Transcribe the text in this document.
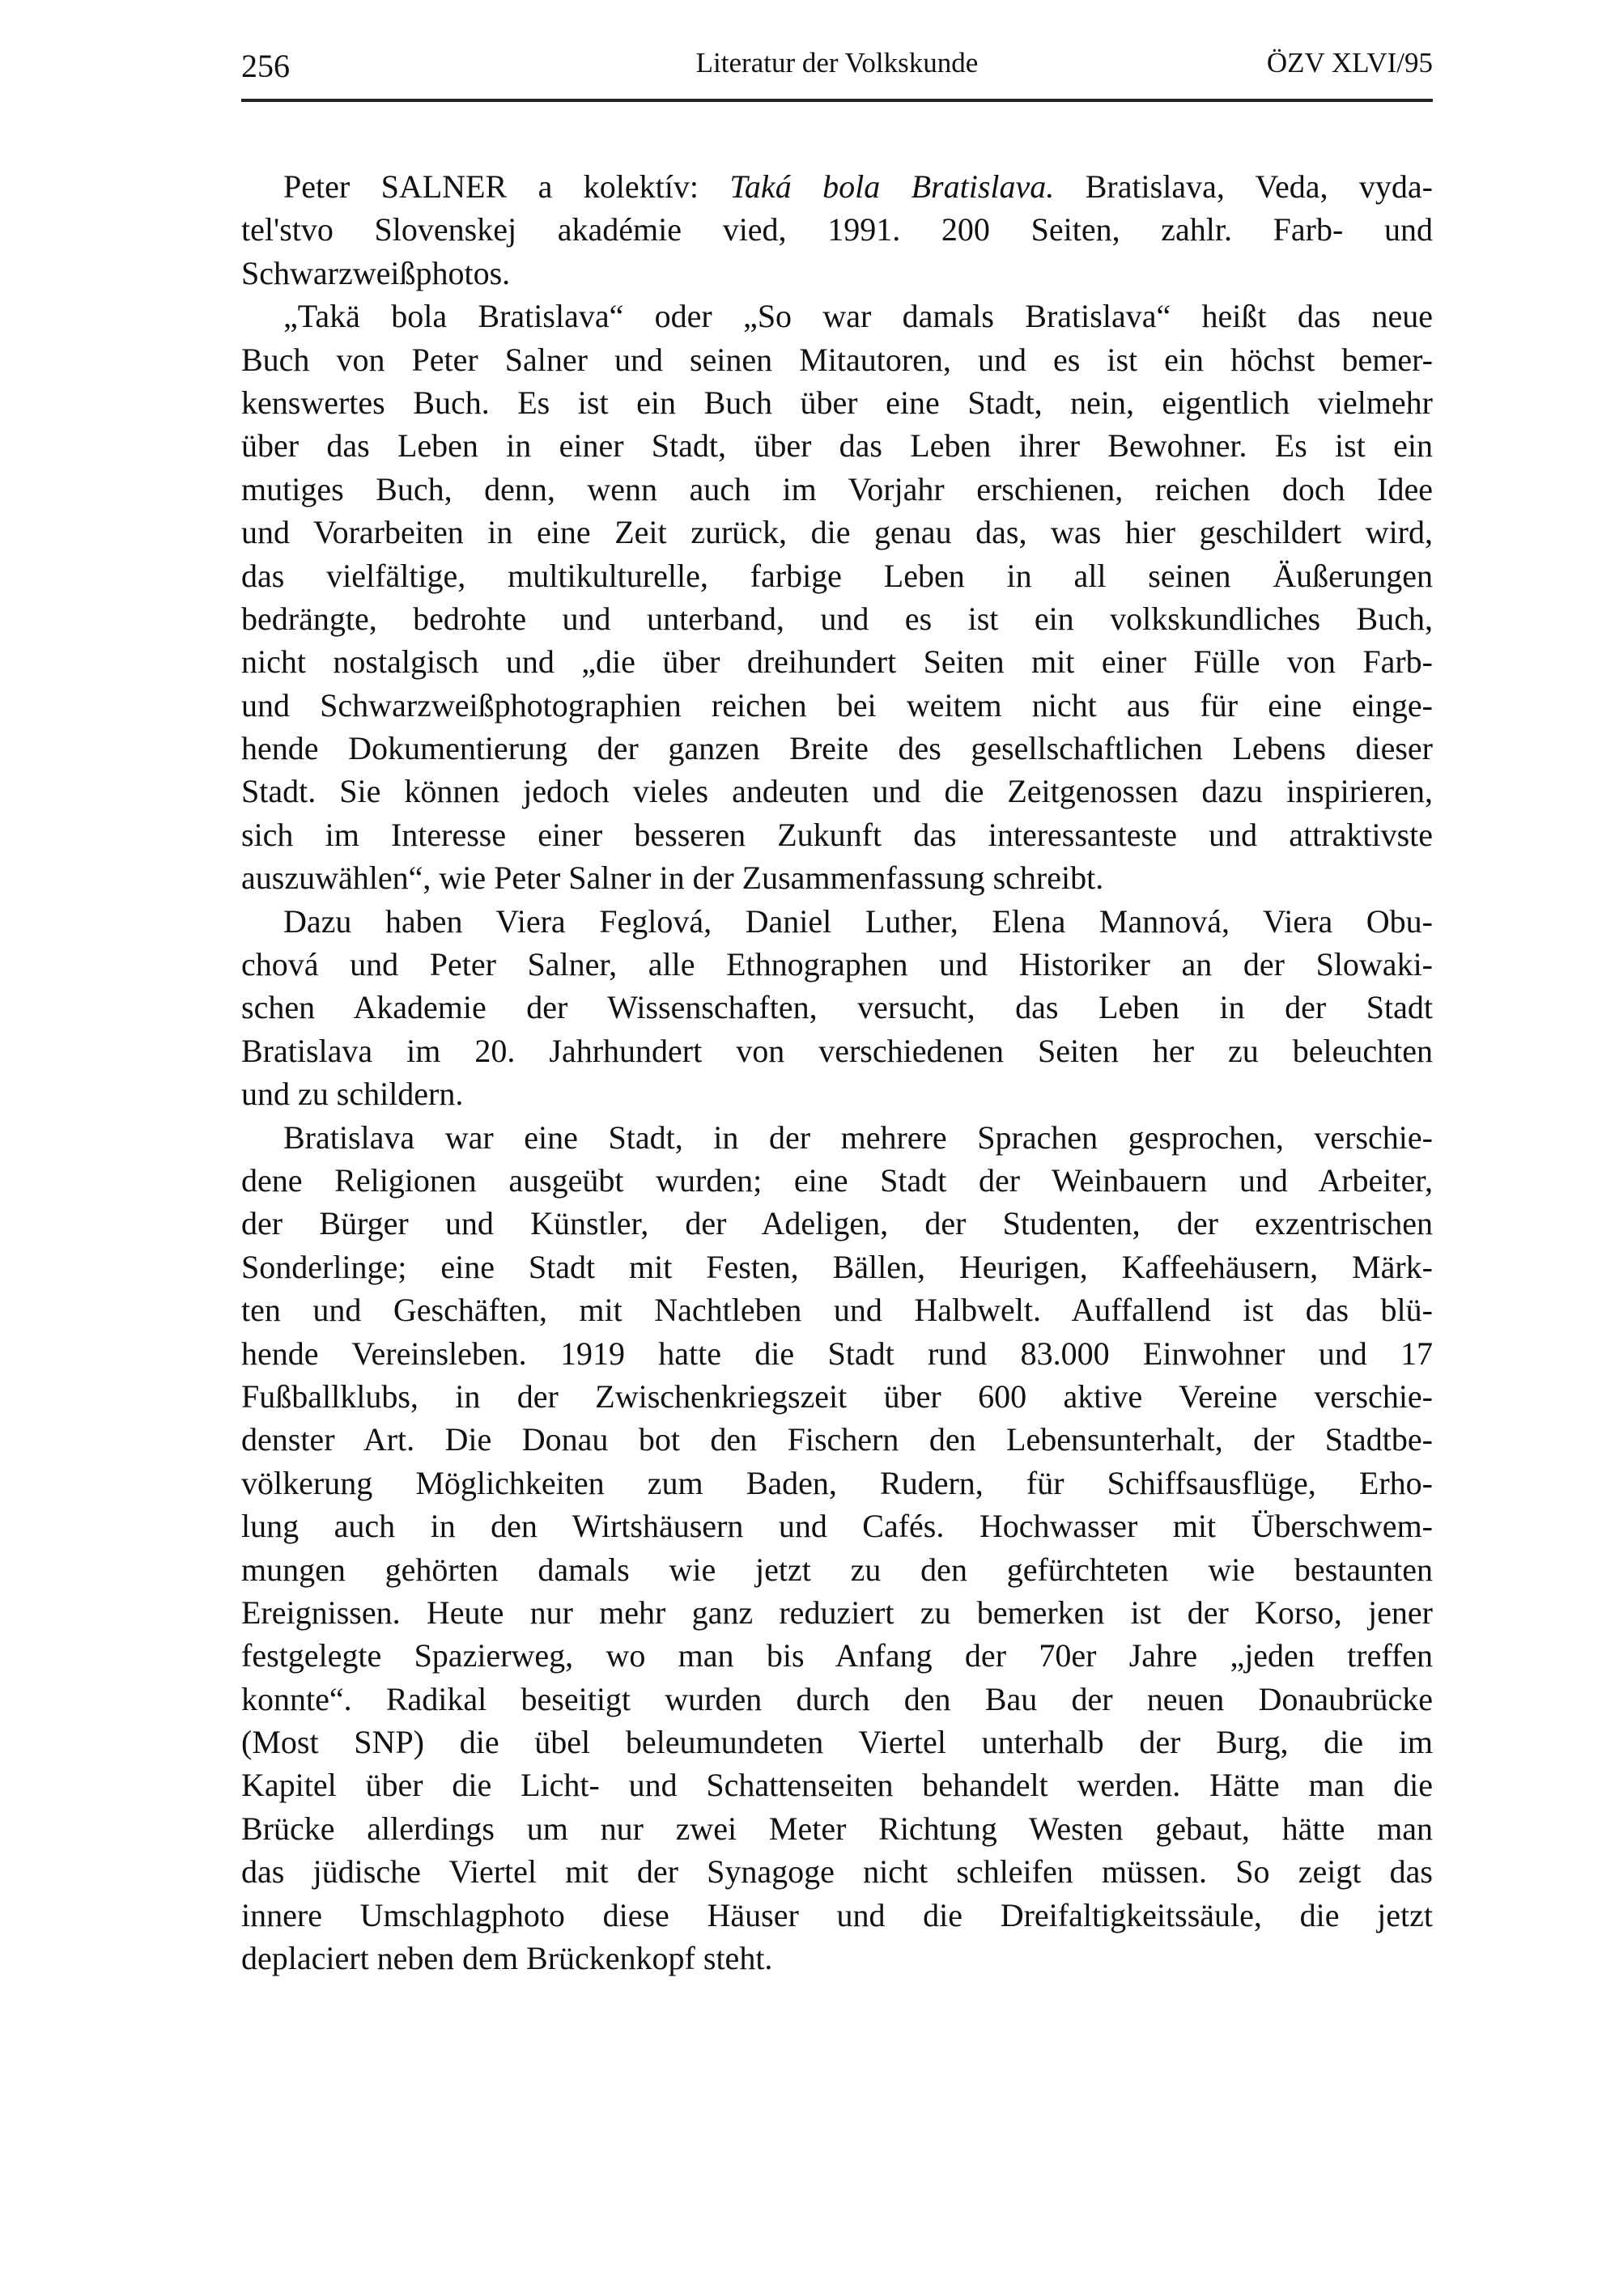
Literatur der Volkskunde
256	ÖZV XLVI/95
Peter SALNER a kolektív: Taká bola Bratislava. Bratislava, Veda, vyda-
tel'stvo Slovenskej akadémie vied, 1991. 200 Seiten, zahlr. Farb- und
Schwarzweißphotos.
„Takä bola Bratislava“ oder „So war damals Bratislava“ heißt das neue
Buch von Peter Salner und seinen Mitautoren, und es ist ein höchst bemer-
kenswertes Buch. Es ist ein Buch über eine Stadt, nein, eigentlich vielmehr
über das Leben in einer Stadt, über das Leben ihrer Bewohner. Es ist ein
mutiges Buch, denn, wenn auch im Vorjahr erschienen, reichen doch Idee
und Vorarbeiten in eine Zeit zurück, die genau das, was hier geschildert wird,
das vielfältige, multikulturelle, farbige Leben in all seinen Äußerungen
bedrängte, bedrohte und unterband, und es ist ein volkskundliches Buch,
nicht nostalgisch und „die über dreihundert Seiten mit einer Fülle von Farb-
und Schwarzweißphotographien reichen bei weitem nicht aus für eine einge-
hende Dokumentierung der ganzen Breite des gesellschaftlichen Lebens dieser
Stadt. Sie können jedoch vieles andeuten und die Zeitgenossen dazu inspirieren,
sich im Interesse einer besseren Zukunft das interessanteste und attraktivste
auszuwählen“, wie Peter Salner in der Zusammenfassung schreibt.
Dazu haben Viera Feglová, Daniel Luther, Elena Mannová, Viera Obu-
chová und Peter Salner, alle Ethnographen und Historiker an der Slowaki-
schen Akademie der Wissenschaften, versucht, das Leben in der Stadt
Bratislava im 20. Jahrhundert von verschiedenen Seiten her zu beleuchten
und zu schildern.
Bratislava war eine Stadt, in der mehrere Sprachen gesprochen, verschie-
dene Religionen ausgeübt wurden; eine Stadt der Weinbauern und Arbeiter,
der Bürger und Künstler, der Adeligen, der Studenten, der exzentrischen
Sonderlinge; eine Stadt mit Festen, Bällen, Heurigen, Kaffeehäusern, Märk-
ten und Geschäften, mit Nachtleben und Halbwelt. Auffallend ist das blü-
hende Vereinsleben. 1919 hatte die Stadt rund 83.000 Einwohner und 17
Fußballklubs, in der Zwischenkriegszeit über 600 aktive Vereine verschie-
denster Art. Die Donau bot den Fischern den Lebensunterhalt, der Stadtbe-
völkerung Möglichkeiten zum Baden, Rudern, für Schiffsausflüge, Erho-
lung auch in den Wirtshäusern und Cafés. Hochwasser mit Überschwem-
mungen gehörten damals wie jetzt zu den gefürchteten wie bestaunten
Ereignissen. Heute nur mehr ganz reduziert zu bemerken ist der Korso, jener
festgelegte Spazierweg, wo man bis Anfang der 70er Jahre „jeden treffen
konnte“. Radikal beseitigt wurden durch den Bau der neuen Donaubrücke
(Most SNP) die übel beleumundeten Viertel unterhalb der Burg, die im
Kapitel über die Licht- und Schattenseiten behandelt werden. Hätte man die
Brücke allerdings um nur zwei Meter Richtung Westen gebaut, hätte man
das jüdische Viertel mit der Synagoge nicht schleifen müssen. So zeigt das
innere Umschlagphoto diese Häuser und die Dreifaltigkeitssäule, die jetzt
deplaciert neben dem Brückenkopf steht.
